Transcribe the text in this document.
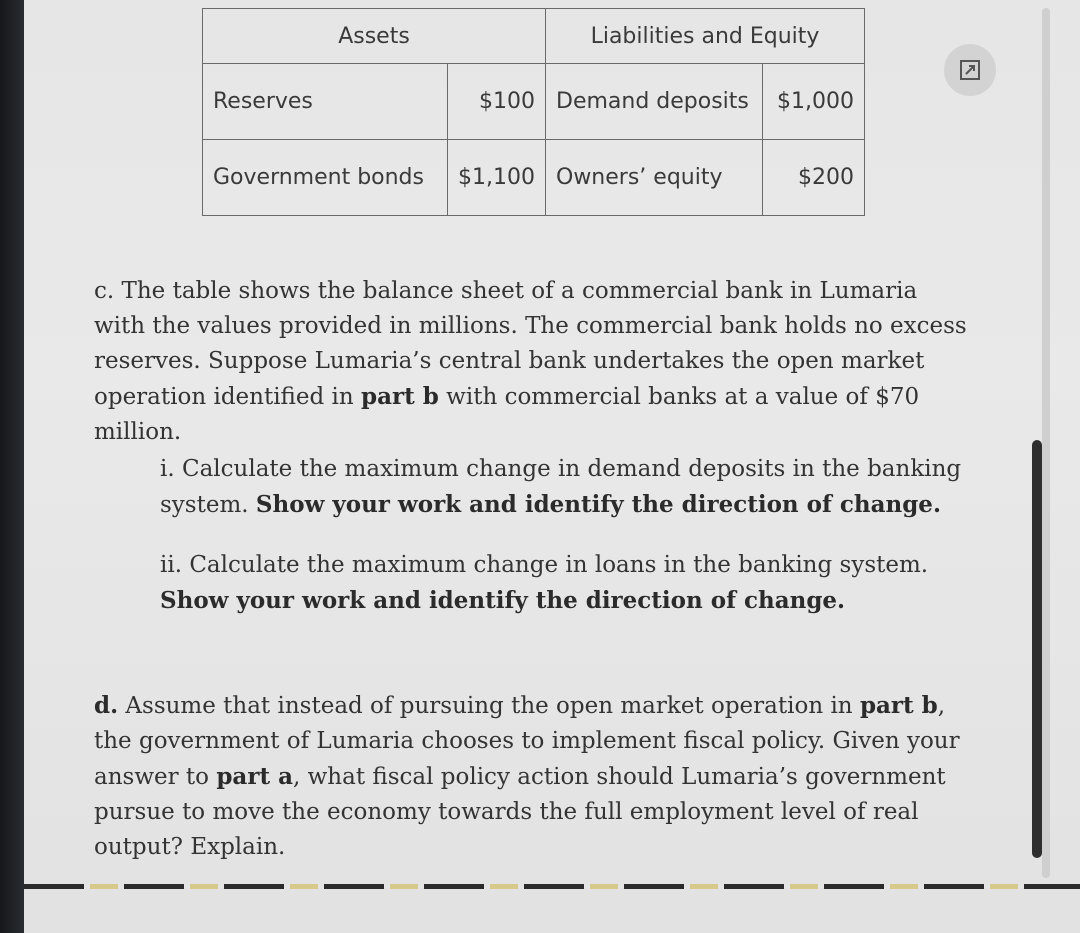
Assets		Liabilities and Equity	
Reserves	$100	Demand deposits	$1,000
Government bonds	$1,100	Owners’ equity	$200

c. The table shows the balance sheet of a commercial bank in Lumaria with the values provided in millions. The commercial bank holds no excess reserves. Suppose Lumaria’s central bank undertakes the open market operation identified in part b with commercial banks at a value of $70 million.

i. Calculate the maximum change in demand deposits in the banking system. Show your work and identify the direction of change.

ii. Calculate the maximum change in loans in the banking system. Show your work and identify the direction of change.

d. Assume that instead of pursuing the open market operation in part b, the government of Lumaria chooses to implement fiscal policy. Given your answer to part a, what fiscal policy action should Lumaria’s government pursue to move the economy towards the full employment level of real output? Explain.
